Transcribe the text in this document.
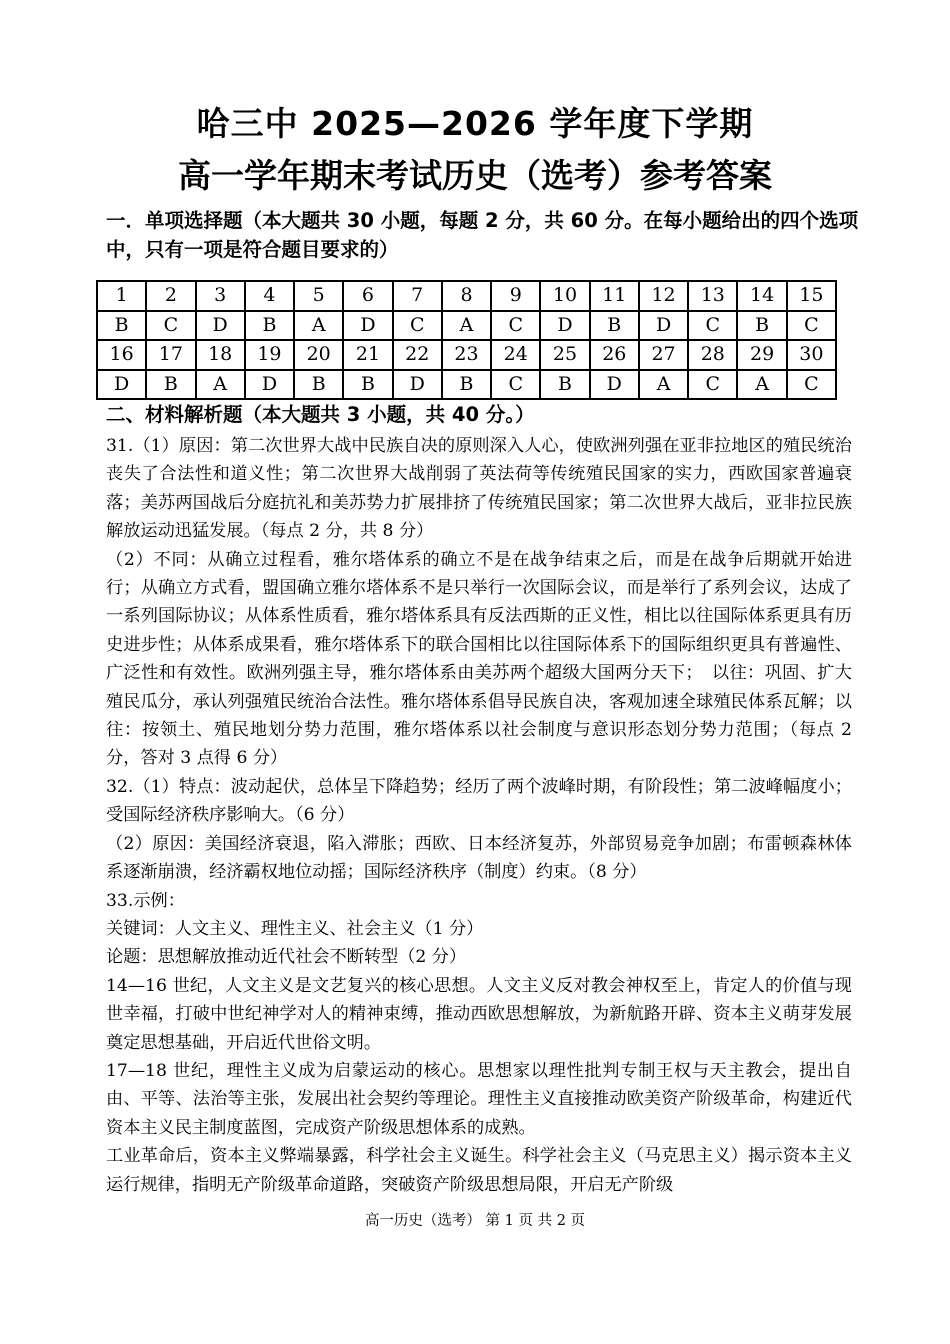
哈三中 2025—2026 学年度下学期
高一学年期末考试历史（选考）参考答案
一．单项选择题（本大题共 30 小题，每题 2 分，共 60 分。在每小题给出的四个选项中，只有一项是符合题目要求的）
1	2	3	4	5	6	7	8	9	10	11	12	13	14	15
B	C	D	B	A	D	C	A	C	D	B	D	C	B	C
16	17	18	19	20	21	22	23	24	25	26	27	28	29	30
D	B	A	D	B	B	D	B	C	B	D	A	C	A	C
二、材料解析题（本大题共 3 小题，共 40 分。）

31.（1）原因：第二次世界大战中民族自决的原则深入人心，使欧洲列强在亚非拉地区的殖民统治丧失了合法性和道义性；第二次世界大战削弱了英法荷等传统殖民国家的实力，西欧国家普遍衰落；美苏两国战后分庭抗礼和美苏势力扩展排挤了传统殖民国家；第二次世界大战后，亚非拉民族解放运动迅猛发展。（每点 2 分，共 8 分）

（2）不同：从确立过程看，雅尔塔体系的确立不是在战争结束之后，而是在战争后期就开始进行；从确立方式看，盟国确立雅尔塔体系不是只举行一次国际会议，而是举行了系列会议，达成了一系列国际协议；从体系性质看，雅尔塔体系具有反法西斯的正义性，相比以往国际体系更具有历史进步性；从体系成果看，雅尔塔体系下的联合国相比以往国际体系下的国际组织更具有普遍性、广泛性和有效性。欧洲列强主导，雅尔塔体系由美苏两个超级大国两分天下；　以往：巩固、扩大殖民瓜分，承认列强殖民统治合法性。雅尔塔体系倡导民族自决，客观加速全球殖民体系瓦解；以往：按领土、殖民地划分势力范围，雅尔塔体系以社会制度与意识形态划分势力范围；（每点 2 分，答对 3 点得 6 分）

32.（1）特点：波动起伏，总体呈下降趋势；经历了两个波峰时期，有阶段性；第二波峰幅度小；受国际经济秩序影响大。（6 分）

（2）原因：美国经济衰退，陷入滞胀；西欧、日本经济复苏，外部贸易竞争加剧；布雷顿森林体系逐渐崩溃，经济霸权地位动摇；国际经济秩序（制度）约束。（8 分）

33.示例：

关键词：人文主义、理性主义、社会主义（1 分）

论题：思想解放推动近代社会不断转型（2 分）

14—16 世纪，人文主义是文艺复兴的核心思想。人文主义反对教会神权至上，肯定人的价值与现世幸福，打破中世纪神学对人的精神束缚，推动西欧思想解放，为新航路开辟、资本主义萌芽发展奠定思想基础，开启近代世俗文明。

17—18 世纪，理性主义成为启蒙运动的核心。思想家以理性批判专制王权与天主教会，提出自由、平等、法治等主张，发展出社会契约等理论。理性主义直接推动欧美资产阶级革命，构建近代资本主义民主制度蓝图，完成资产阶级思想体系的成熟。

工业革命后，资本主义弊端暴露，科学社会主义诞生。科学社会主义（马克思主义）揭示资本主义运行规律，指明无产阶级革命道路，突破资产阶级思想局限，开启无产阶级

高一历史（选考） 第 1 页 共 2 页
